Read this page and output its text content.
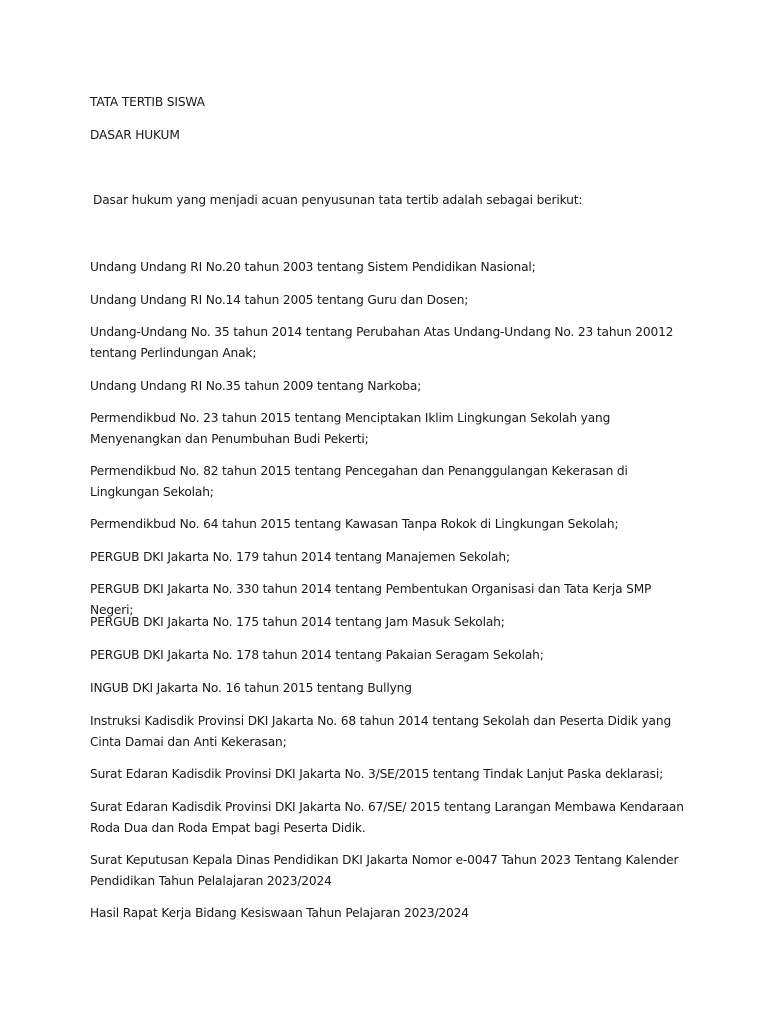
TATA TERTIB SISWA

DASAR HUKUM

Dasar hukum yang menjadi acuan penyusunan tata tertib adalah sebagai berikut:

Undang Undang RI No.20 tahun 2003 tentang Sistem Pendidikan Nasional;

Undang Undang RI No.14 tahun 2005 tentang Guru dan Dosen;

Undang-Undang No. 35 tahun 2014 tentang Perubahan Atas Undang-Undang No. 23 tahun 20012 tentang Perlindungan Anak;

Undang Undang RI No.35 tahun 2009 tentang Narkoba;

Permendikbud No. 23 tahun 2015 tentang Menciptakan Iklim Lingkungan Sekolah yang Menyenangkan dan Penumbuhan Budi Pekerti;

Permendikbud No. 82 tahun 2015 tentang Pencegahan dan Penanggulangan Kekerasan di Lingkungan Sekolah;

Permendikbud No. 64 tahun 2015 tentang Kawasan Tanpa Rokok di Lingkungan Sekolah;

PERGUB DKI Jakarta No. 179 tahun 2014 tentang Manajemen Sekolah;

PERGUB DKI Jakarta No. 330 tahun 2014 tentang Pembentukan Organisasi dan Tata Kerja SMP Negeri;

PERGUB DKI Jakarta No. 175 tahun 2014 tentang Jam Masuk Sekolah;

PERGUB DKI Jakarta No. 178 tahun 2014 tentang Pakaian Seragam Sekolah;

INGUB DKI Jakarta No. 16 tahun 2015 tentang Bullyng

Instruksi Kadisdik Provinsi DKI Jakarta No. 68 tahun 2014 tentang Sekolah dan Peserta Didik yang Cinta Damai dan Anti Kekerasan;

Surat Edaran Kadisdik Provinsi DKI Jakarta No. 3/SE/2015 tentang Tindak Lanjut Paska deklarasi;

Surat Edaran Kadisdik Provinsi DKI Jakarta No. 67/SE/ 2015 tentang Larangan Membawa Kendaraan Roda Dua dan Roda Empat bagi Peserta Didik.

Surat Keputusan Kepala Dinas Pendidikan DKI Jakarta Nomor e-0047 Tahun 2023 Tentang Kalender Pendidikan Tahun Pelalajaran 2023/2024

Hasil Rapat Kerja Bidang Kesiswaan Tahun Pelajaran 2023/2024
